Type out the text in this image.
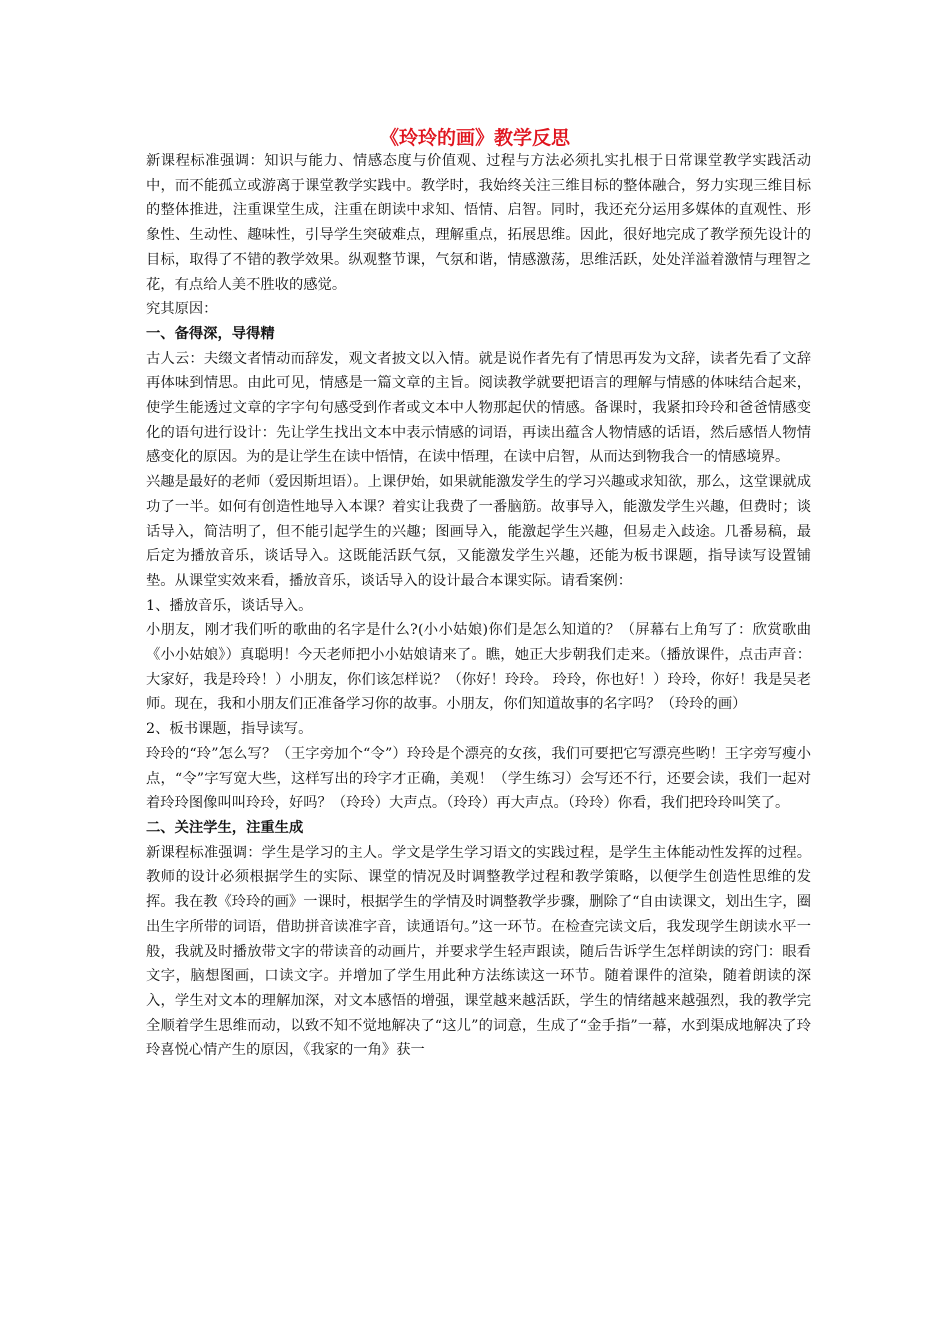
《玲玲的画》教学反思

新课程标准强调：知识与能力、情感态度与价值观、过程与方法必须扎实扎根于日常课堂教学实践活动中，而不能孤立或游离于课堂教学实践中。教学时，我始终关注三维目标的整体融合，努力实现三维目标的整体推进，注重课堂生成，注重在朗读中求知、悟情、启智。同时，我还充分运用多媒体的直观性、形象性、生动性、趣味性，引导学生突破难点，理解重点，拓展思维。因此，很好地完成了教学预先设计的目标，取得了不错的教学效果。纵观整节课，气氛和谐，情感激荡，思维活跃，处处洋溢着激情与理智之花，有点给人美不胜收的感觉。

究其原因：

一、备得深，导得精

古人云：夫缀文者情动而辞发，观文者披文以入情。就是说作者先有了情思再发为文辞，读者先看了文辞再体味到情思。由此可见，情感是一篇文章的主旨。阅读教学就要把语言的理解与情感的体味结合起来，使学生能透过文章的字字句句感受到作者或文本中人物那起伏的情感。备课时，我紧扣玲玲和爸爸情感变化的语句进行设计：先让学生找出文本中表示情感的词语，再读出蕴含人物情感的话语，然后感悟人物情感变化的原因。为的是让学生在读中悟情，在读中悟理，在读中启智，从而达到物我合一的情感境界。

兴趣是最好的老师（爱因斯坦语）。上课伊始，如果就能激发学生的学习兴趣或求知欲，那么，这堂课就成功了一半。如何有创造性地导入本课？着实让我费了一番脑筋。故事导入，能激发学生兴趣，但费时；谈话导入，简洁明了，但不能引起学生的兴趣；图画导入，能激起学生兴趣，但易走入歧途。几番易稿，最后定为播放音乐，谈话导入。这既能活跃气氛，又能激发学生兴趣，还能为板书课题，指导读写设置铺垫。从课堂实效来看，播放音乐，谈话导入的设计最合本课实际。请看案例：

1、播放音乐，谈话导入。

小朋友，刚才我们听的歌曲的名字是什么?(小小姑娘)你们是怎么知道的？（屏幕右上角写了：欣赏歌曲《小小姑娘》）真聪明！今天老师把小小姑娘请来了。瞧，她正大步朝我们走来。（播放课件，点击声音：大家好，我是玲玲！）小朋友，你们该怎样说？（你好！玲玲。 玲玲，你也好！）玲玲，你好！我是吴老师。现在，我和小朋友们正准备学习你的故事。小朋友，你们知道故事的名字吗？（玲玲的画）

2、板书课题，指导读写。

玲玲的“玲”怎么写？（王字旁加个“令”）玲玲是个漂亮的女孩，我们可要把它写漂亮些哟！王字旁写瘦小点，“令”字写宽大些，这样写出的玲字才正确，美观！（学生练习）会写还不行，还要会读，我们一起对着玲玲图像叫叫玲玲，好吗？（玲玲）大声点。（玲玲）再大声点。（玲玲）你看，我们把玲玲叫笑了。

二、关注学生，注重生成

新课程标准强调：学生是学习的主人。学文是学生学习语文的实践过程，是学生主体能动性发挥的过程。教师的设计必须根据学生的实际、课堂的情况及时调整教学过程和教学策略，以便学生创造性思维的发挥。我在教《玲玲的画》一课时，根据学生的学情及时调整教学步骤，删除了“自由读课文，划出生字，圈出生字所带的词语，借助拼音读准字音，读通语句。”这一环节。在检查完读文后，我发现学生朗读水平一般，我就及时播放带文字的带读音的动画片，并要求学生轻声跟读，随后告诉学生怎样朗读的窍门：眼看文字，脑想图画，口读文字。并增加了学生用此种方法练读这一环节。随着课件的渲染，随着朗读的深入，学生对文本的理解加深，对文本感悟的增强，课堂越来越活跃，学生的情绪越来越强烈，我的教学完全顺着学生思维而动，以致不知不觉地解决了“这儿”的词意，生成了“金手指”一幕，水到渠成地解决了玲玲喜悦心情产生的原因，《我家的一角》获一
